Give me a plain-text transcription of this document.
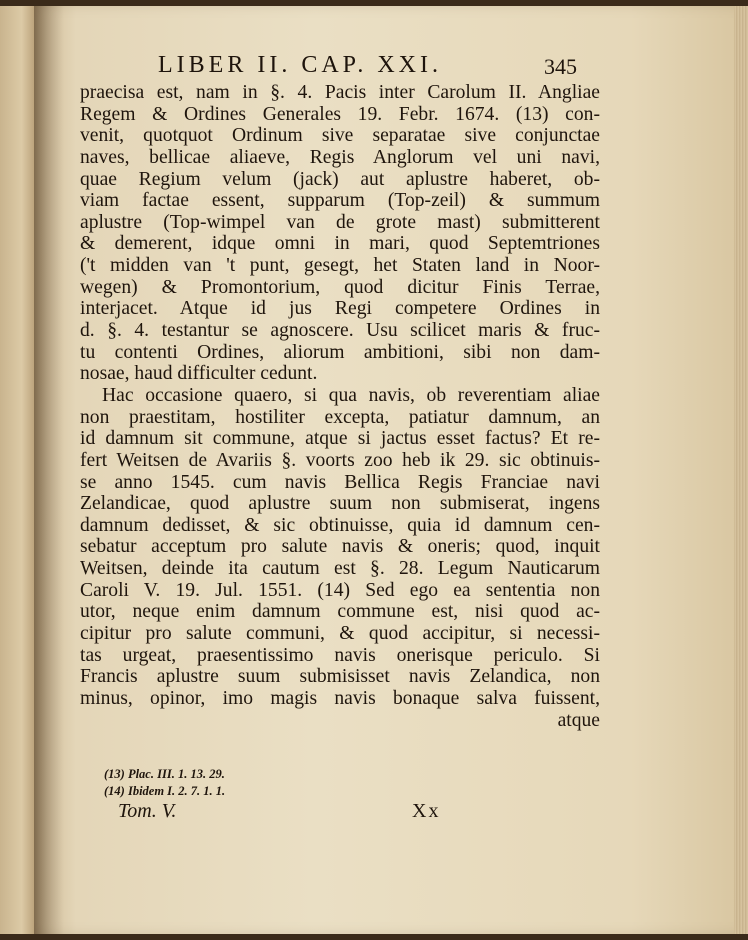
LIBER II. CAP. XXI.	345
praecisa est, nam in §. 4. Pacis inter Carolum II. Angliae
Regem & Ordines Generales 19. Febr. 1674. (13) con-
venit, quotquot Ordinum sive separatae sive conjunctae
naves, bellicae aliaeve, Regis Anglorum vel uni navi,
quae Regium velum (jack) aut aplustre haberet, ob-
viam factae essent, supparum (Top-zeil) & summum
aplustre (Top-wimpel van de grote mast) submitterent
& demerent, idque omni in mari, quod Septemtriones
('t midden van 't punt, gesegt, het Staten land in Noor-
wegen) & Promontorium, quod dicitur Finis Terrae,
interjacet. Atque id jus Regi competere Ordines in
d. §. 4. testantur se agnoscere. Usu scilicet maris & fruc-
tu contenti Ordines, aliorum ambitioni, sibi non dam-
nosae, haud difficulter cedunt.
Hac occasione quaero, si qua navis, ob reverentiam aliae
non praestitam, hostiliter excepta, patiatur damnum, an
id damnum sit commune, atque si jactus esset factus? Et re-
fert Weitsen de Avariis §. voorts zoo heb ik 29. sic obtinuis-
se anno 1545. cum navis Bellica Regis Franciae navi
Zelandicae, quod aplustre suum non submiserat, ingens
damnum dedisset, & sic obtinuisse, quia id damnum cen-
sebatur acceptum pro salute navis & oneris; quod, inquit
Weitsen, deinde ita cautum est §. 28. Legum Nauticarum
Caroli V. 19. Jul. 1551. (14) Sed ego ea sententia non
utor, neque enim damnum commune est, nisi quod ac-
cipitur pro salute communi, & quod accipitur, si necessi-
tas urgeat, praesentissimo navis onerisque periculo. Si
Francis aplustre suum submisisset navis Zelandica, non
minus, opinor, imo magis navis bonaque salva fuissent,
atque
(13) Plac. III. 1. 13. 29.
(14) Ibidem I. 2. 7. 1. 1.
Tom. V.	Xx
